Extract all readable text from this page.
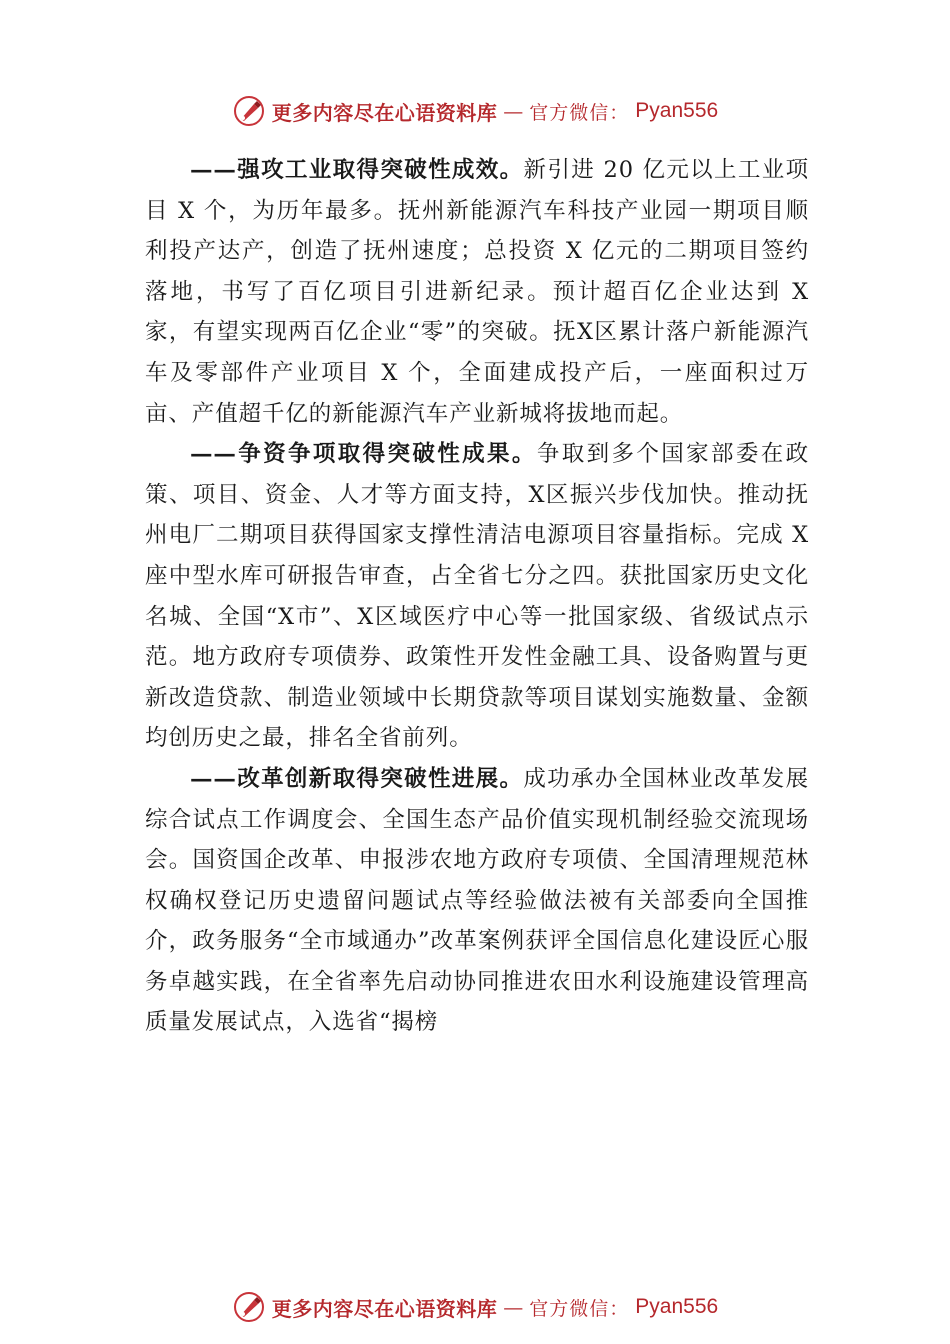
更多内容尽在心语资料库 — 官方微信： Pyan556

——强攻工业取得突破性成效。新引进 20 亿元以上工业项目 X 个，为历年最多。抚州新能源汽车科技产业园一期项目顺利投产达产，创造了抚州速度；总投资 X 亿元的二期项目签约落地，书写了百亿项目引进新纪录。预计超百亿企业达到 X 家，有望实现两百亿企业“零”的突破。抚X区累计落户新能源汽车及零部件产业项目 X 个，全面建成投产后，一座面积过万亩、产值超千亿的新能源汽车产业新城将拔地而起。

——争资争项取得突破性成果。争取到多个国家部委在政策、项目、资金、人才等方面支持，X区振兴步伐加快。推动抚州电厂二期项目获得国家支撑性清洁电源项目容量指标。完成 X 座中型水库可研报告审查，占全省七分之四。获批国家历史文化名城、全国“X市”、X区域医疗中心等一批国家级、省级试点示范。地方政府专项债券、政策性开发性金融工具、设备购置与更新改造贷款、制造业领域中长期贷款等项目谋划实施数量、金额均创历史之最，排名全省前列。

——改革创新取得突破性进展。成功承办全国林业改革发展综合试点工作调度会、全国生态产品价值实现机制经验交流现场会。国资国企改革、申报涉农地方政府专项债、全国清理规范林权确权登记历史遗留问题试点等经验做法被有关部委向全国推介，政务服务“全市域通办”改革案例获评全国信息化建设匠心服务卓越实践，在全省率先启动协同推进农田水利设施建设管理高质量发展试点，入选省“揭榜

更多内容尽在心语资料库 — 官方微信： Pyan556
